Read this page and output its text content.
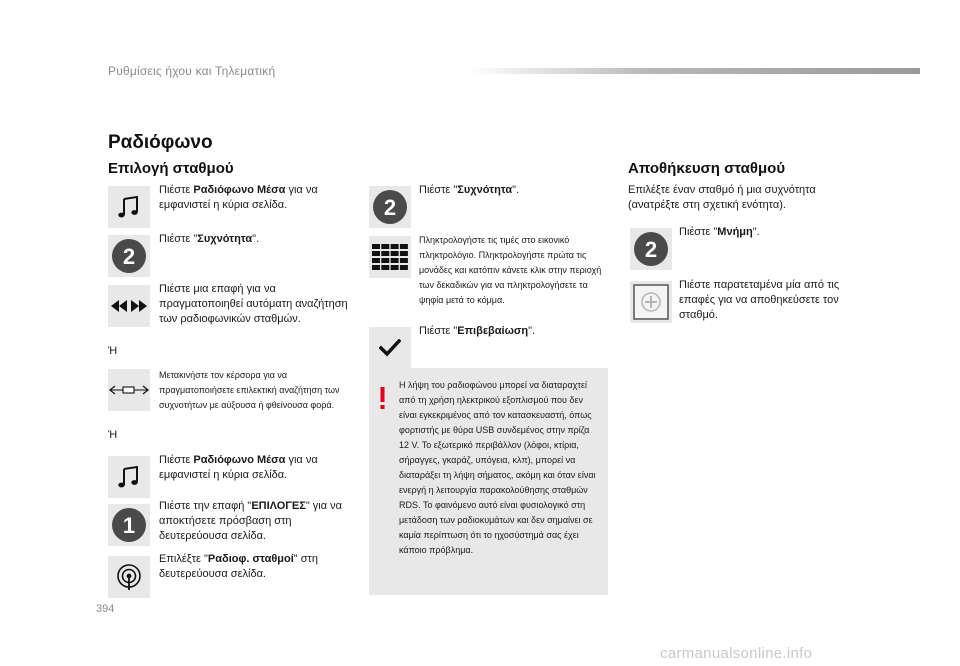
Ρυθμίσεις ήχου και Τηλεματική
Ραδιόφωνο
Επιλογή σταθμού
Πιέστε Ραδιόφωνο Μέσα για να εμφανιστεί η κύρια σελίδα.
2
Πιέστε "Συχνότητα".
Πιέστε μια επαφή για να πραγματοποιηθεί αυτόματη αναζήτηση των ραδιοφωνικών σταθμών.
Ή
Μετακινήστε τον κέρσορα για να πραγματοποιήσετε επιλεκτική αναζήτηση των συχνοτήτων με αύξουσα ή φθείνουσα φορά.
Ή
Πιέστε Ραδιόφωνο Μέσα για να εμφανιστεί η κύρια σελίδα.
1
Πιέστε την επαφή "ΕΠΙΛΟΓΕΣ" για να αποκτήσετε πρόσβαση στη δευτερεύουσα σελίδα.
Επιλέξτε "Ραδιοφ. σταθμοί" στη δευτερεύουσα σελίδα.
2
Πιέστε "Συχνότητα".
Πληκτρολογήστε τις τιμές στο εικονικό πληκτρολόγιο. Πληκτρολογήστε πρώτα τις μονάδες και κατόπιν κάνετε κλικ στην περιοχή των δεκαδικών για να πληκτρολογήσετε τα ψηφία μετά το κόμμα.
Πιέστε "Επιβεβαίωση".
Η λήψη του ραδιοφώνου μπορεί να διαταραχτεί από τη χρήση ηλεκτρικού εξοπλισμού που δεν είναι εγκεκριμένος από τον κατασκευαστή, όπως φορτιστής με θύρα USB συνδεμένος στην πρίζα 12 V. Το εξωτερικό περιβάλλον (λόφοι, κτίρια, σήραγγες, γκαράζ, υπόγεια, κλπ), μπορεί να διαταράξει τη λήψη σήματος, ακόμη και όταν είναι ενεργή η λειτουργία παρακολούθησης σταθμών RDS. Το φαινόμενο αυτό είναι φυσιολογικό στη μετάδοση των ραδιοκυμάτων και δεν σημαίνει σε καμία περίπτωση ότι το ηχοσύστημά σας έχει κάποιο πρόβλημα.
Αποθήκευση σταθμού
Επιλέξτε έναν σταθμό ή μια συχνότητα (ανατρέξτε στη σχετική ενότητα).
2
Πιέστε "Μνήμη".
Πιέστε παρατεταμένα μία από τις επαφές για να αποθηκεύσετε τον σταθμό.
394
carmanualsonline.info
